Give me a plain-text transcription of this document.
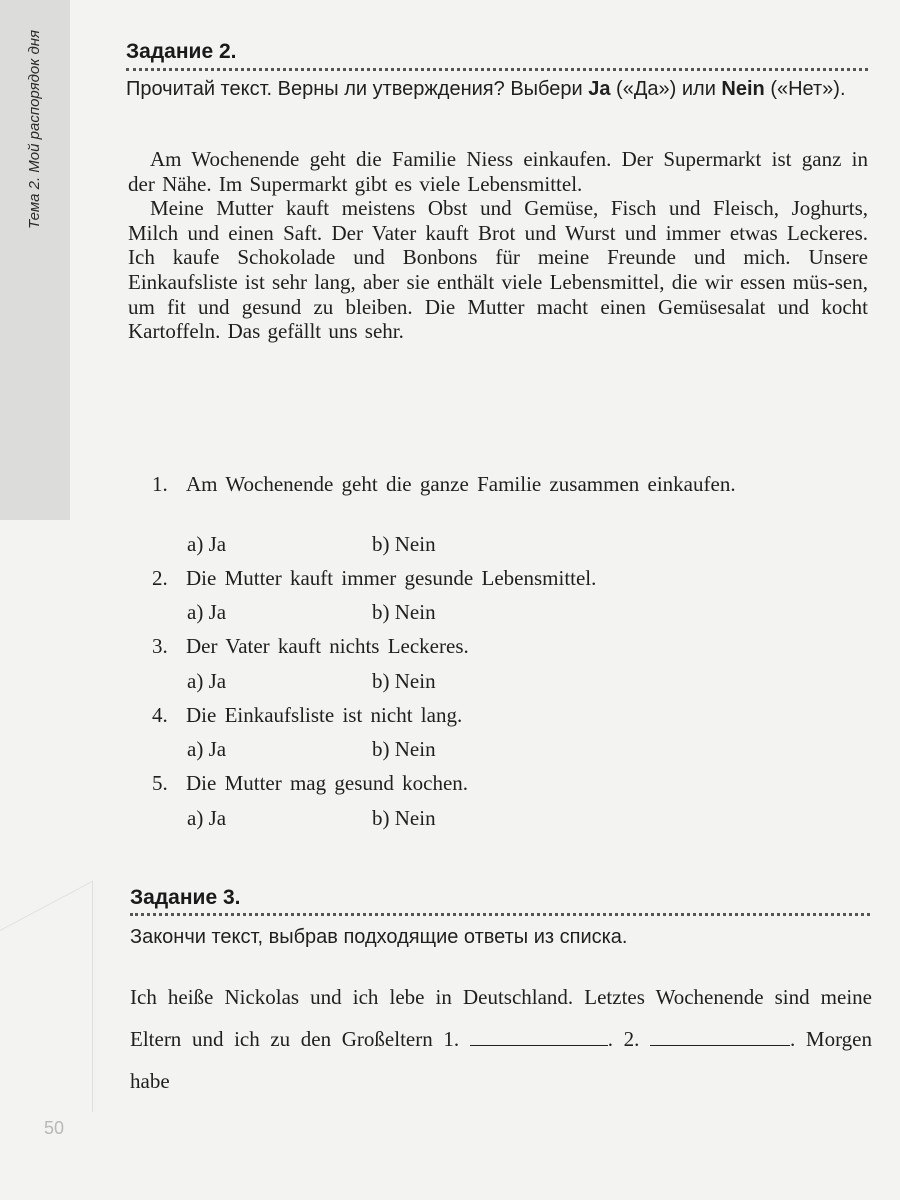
Тема 2. Мой распорядок дня
50
Задание 2.
Прочитай текст. Верны ли утверждения? Выбери Ja («Да») или Nein («Нет»).

Am Wochenende geht die Familie Niess einkaufen. Der Supermarkt ist ganz in der Nähe. Im Supermarkt gibt es viele Lebensmittel.

Meine Mutter kauft meistens Obst und Gemüse, Fisch und Fleisch, Joghurts, Milch und einen Saft. Der Vater kauft Brot und Wurst und immer etwas Leckeres. Ich kaufe Schokolade und Bonbons für meine Freunde und mich. Unsere Einkaufsliste ist sehr lang, aber sie enthält viele Lebensmittel, die wir essen müs-sen, um fit und gesund zu bleiben. Die Mutter macht einen Gemüsesalat und kocht Kartoffeln. Das gefällt uns sehr.

1. Am Wochenende geht die ganze Familie zusammen einkaufen.
a) Ja	b) Nein
2. Die Mutter kauft immer gesunde Lebensmittel.
a) Ja	b) Nein
3. Der Vater kauft nichts Leckeres.
a) Ja	b) Nein
4. Die Einkaufsliste ist nicht lang.
a) Ja	b) Nein
5. Die Mutter mag gesund kochen.
a) Ja	b) Nein
Задание 3.
Закончи текст, выбрав подходящие ответы из списка.
Ich heiße Nickolas und ich lebe in Deutschland. Letztes Wochenende sind meine Eltern und ich zu den Großeltern 1.	. 2.	. Morgen habe
